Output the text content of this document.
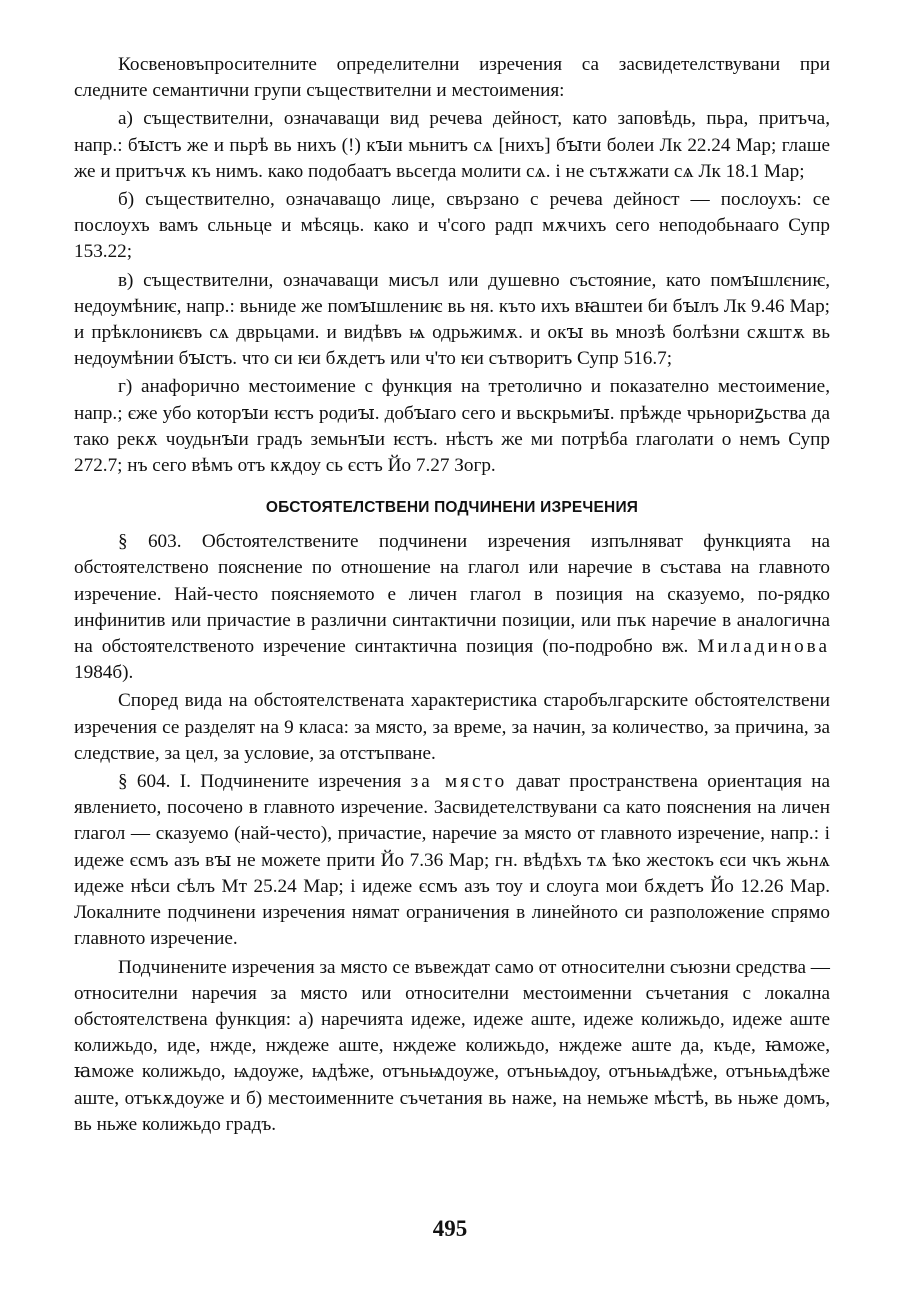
Косвеновъпросителните определителни изречения са засвидетелствувани при следните семантични групи съществителни и местоимения:

а) съществителни, означаващи вид речева дейност, като заповѣдь, пьра, притъча, напр.: бꙑстъ же и пьрѣ вь нихъ (!) кꙑи мьнитъ сѧ [нихъ] бꙑти болеи Лк 22.24 Мар; глаше же и притъчѫ къ нимъ. како подобаатъ вьсегда молити сѧ. і не сътѫжати сѧ Лк 18.1 Мар;

б) съществително, означаващо лице, свързано с речева дейност — послоухъ: се послоухъ вамъ сльньце и мѣсяць. како и ч'сого радп мѫчихъ сего неподобьнааго Супр 153.22;

в) съществителни, означаващи мисъл или душевно състояние, като помꙑшлєниѥ, недоумѣниѥ, напр.: вьниде же помꙑшлениѥ вь ня. къто ихъ вꙗштеи би бꙑлъ Лк 9.46 Мар; и прѣклониѥвъ сѧ дврьцами. и видѣвъ ѩ одрьжимѫ. и окꙑ вь мнозѣ болѣзни сѫштѫ вь недоумѣнии бꙑстъ. что си ѥи бѫдетъ или ч'то ѥи сътворитъ Супр 516.7;

г) анафорично местоимение с функция на третолично и показателно местоимение, напр.; єже убо которꙑи ѥстъ родиꙑ. добꙑаго сего и вьскрьмиꙑ. прѣжде чрьнориꙁьства да тако рекѫ чоудьнꙑи градъ земьнꙑи ѥстъ. нѣстъ же ми потрѣба глаголати о немъ Супр 272.7; нъ сего вѣмъ отъ кѫдоу сь єстъ Йо 7.27 Зогр.

ОБСТОЯТЕЛСТВЕНИ ПОДЧИНЕНИ ИЗРЕЧЕНИЯ

§ 603. Обстоятелствените подчинени изречения изпълняват функцията на обстоятелствено пояснение по отношение на глагол или наречие в състава на главното изречение. Най-често поясняемото е личен глагол в позиция на сказуемо, по-рядко инфинитив или причастие в различни синтактични позиции, или пък наречие в аналогична на обстоятелственото изречение синтактична позиция (по-подробно вж. Миладинова 1984б).

Според вида на обстоятелствената характеристика старобългарските обстоятелствени изречения се разделят на 9 класа: за място, за време, за начин, за количество, за причина, за следствие, за цел, за условие, за отстъпване.

§ 604. I. Подчинените изречения за място дават пространствена ориентация на явлението, посочено в главното изречение. Засвидетелствувани са като пояснения на личен глагол — сказуемо (най-често), причастие, наречие за място от главното изречение, напр.: і идеже єсмъ азъ вꙑ не можете прити Йо 7.36 Мар; гн. вѣдѣхъ тѧ ѣко жестокъ єси чкъ жьнѧ идеже нѣси сѣлъ Мт 25.24 Мар; і идеже єсмъ азъ тоу и слоуга мои бѫдетъ Йо 12.26 Мар. Локалните подчинени изречения нямат ограничения в линейното си разположение спрямо главното изречение.

Подчинените изречения за място се въвеждат само от относителни съюзни средства — относителни наречия за място или относителни местоименни съчетания с локална обстоятелствена функция: а) наречията идеже, идеже аште, идеже колижьдо, идеже аште колижьдо, иде, нжде, нждеже аште, нждеже колижьдо, нждеже аште да, къде, ꙗможе, ꙗможе колижьдо, ѩдоуже, ѩдѣже, отъньѩдоуже, отъньѩдоу, отъньѩдѣже, отъньѩдѣже аште, отъкѫдоуже и б) местоименните съчетания вь наже, на немьже мѣстѣ, вь ньже домъ, вь ньже колижьдо градъ.

495
